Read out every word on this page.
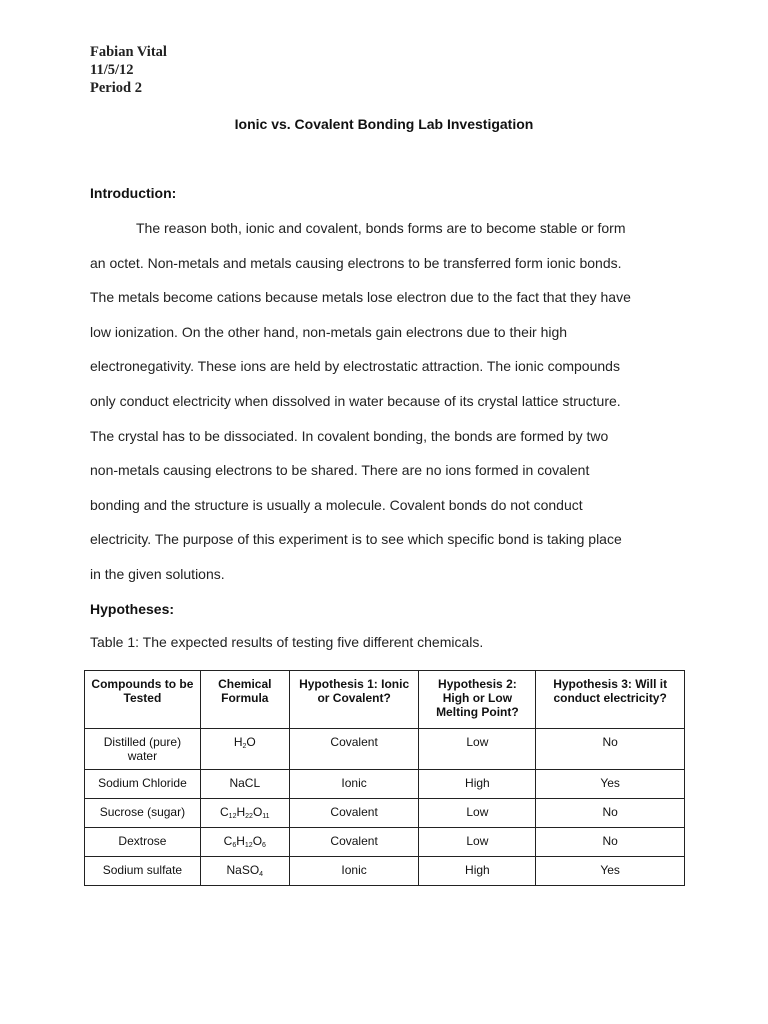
Fabian Vital
11/5/12
Period 2
Ionic vs. Covalent Bonding Lab Investigation
Introduction:
The reason both, ionic and covalent, bonds forms are to become stable or form
an octet. Non-metals and metals causing electrons to be transferred form ionic bonds.
The metals become cations because metals lose electron due to the fact that they have
low ionization. On the other hand, non-metals gain electrons due to their high
electronegativity. These ions are held by electrostatic attraction. The ionic compounds
only conduct electricity when dissolved in water because of its crystal lattice structure.
The crystal has to be dissociated. In covalent bonding, the bonds are formed by two
non-metals causing electrons to be shared. There are no ions formed in covalent
bonding and the structure is usually a molecule. Covalent bonds do not conduct
electricity. The purpose of this experiment is to see which specific bond is taking place
in the given solutions.
Hypotheses:
Table 1: The expected results of testing five different chemicals.
Compounds to be Tested	Chemical Formula	Hypothesis 1: Ionic or Covalent?	Hypothesis 2: High or Low Melting Point?	Hypothesis 3: Will it conduct electricity?
Distilled (pure) water	$H_2O$	Covalent	Low	No
Sodium Chloride	NaCL	Ionic	High	Yes
Sucrose (sugar)	$C_{12}H_{22}O_{11}$	Covalent	Low	No
Dextrose	$C_6H_{12}O_6$	Covalent	Low	No
Sodium sulfate	NaSO$_4$	Ionic	High	Yes
